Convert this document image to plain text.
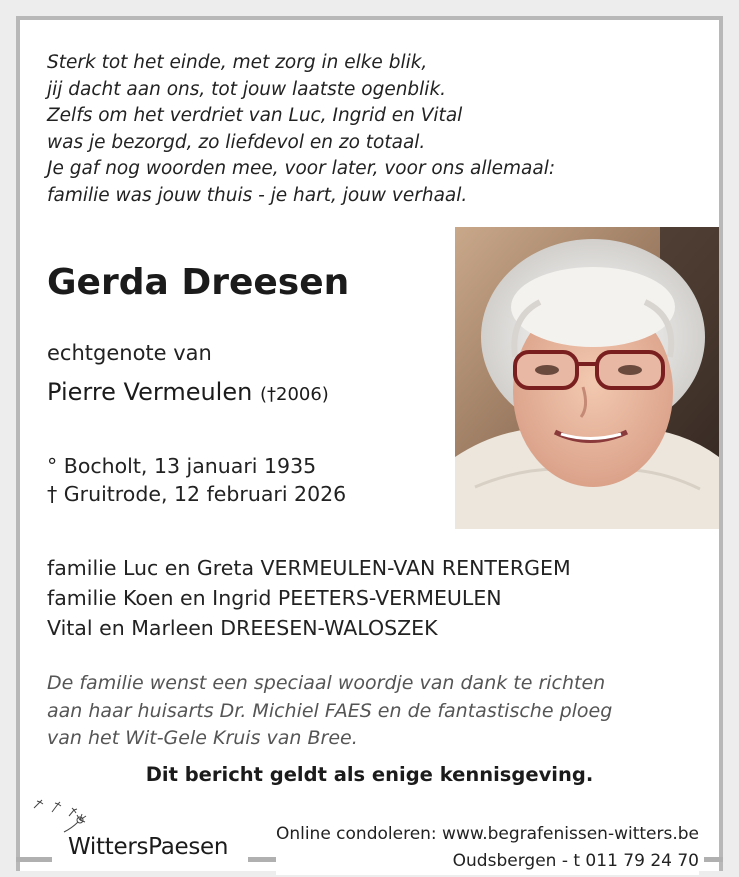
Sterk tot het einde, met zorg in elke blik,
jij dacht aan ons, tot jouw laatste ogenblik.
Zelfs om het verdriet van Luc, Ingrid en Vital
was je bezorgd, zo liefdevol en zo totaal.
Je gaf nog woorden mee, voor later, voor ons allemaal:
familie was jouw thuis - je hart, jouw verhaal.
Gerda Dreesen
echtgenote van
Pierre Vermeulen (†2006)
° Bocholt, 13 januari 1935
† Gruitrode, 12 februari 2026
familie Luc en Greta VERMEULEN-VAN RENTERGEM
familie Koen en Ingrid PEETERS-VERMEULEN
Vital en Marleen DREESEN-WALOSZEK
De familie wenst een speciaal woordje van dank te richten
aan haar huisarts Dr. Michiel FAES en de fantastische ploeg
van het Wit-Gele Kruis van Bree.
Dit bericht geldt als enige kennisgeving.
WittersPaesen	Online condoleren: www.begrafenissen-witters.be
Oudsbergen - t 011 79 24 70
